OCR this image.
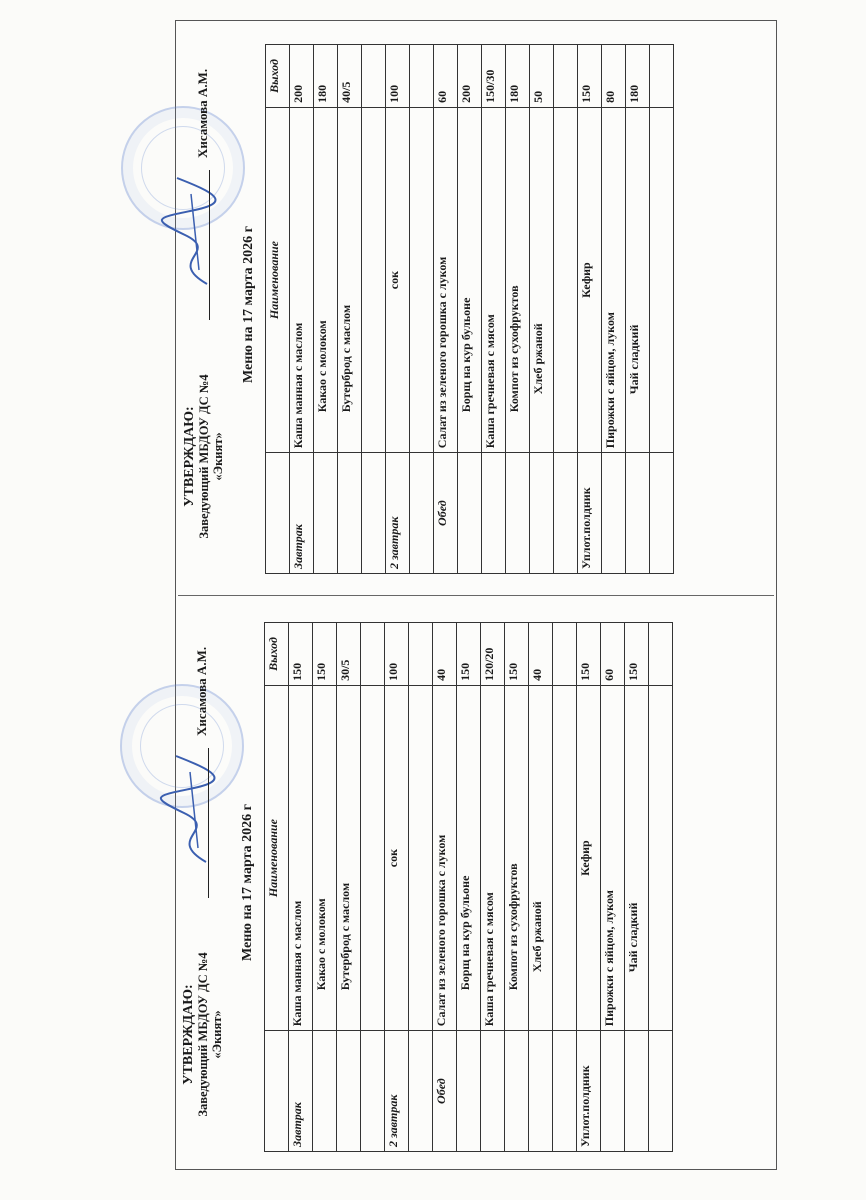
УТВЕРЖДАЮ: Заведующий МБДОУ ДС №4 «Экият»
Хисамова А.М.
Меню на 17 марта 2026 г
	Наименование	Выход
Завтрак	Каша манная с маслом	150
	Какао с молоком	150
	Бутерброд с маслом	30/5

2 завтрак	сок	100

Обед	Салат из зеленого горошка с луком	40
	Борщ на кур бульоне	150
	Каша гречневая с мясом	120/20
	Компот из сухофруктов	150
	Хлеб ржаной	40

Уплот.полдник	Кефир	150
	Пирожки с яйцом, луком	60
	Чай сладкий	150

УТВЕРЖДАЮ: Заведующий МБДОУ ДС №4 «Экият»
Хисамова А.М.
Меню на 17 марта 2026 г
	Наименование	Выход
Завтрак	Каша манная с маслом	200
	Какао с молоком	180
	Бутерброд с маслом	40/5

2 завтрак	сок	100

Обед	Салат из зеленого горошка с луком	60
	Борщ на кур бульоне	200
	Каша гречневая с мясом	150/30
	Компот из сухофруктов	180
	Хлеб ржаной	50

Уплот.полдник	Кефир	150
	Пирожки с яйцом, луком	80
	Чай сладкий	180
